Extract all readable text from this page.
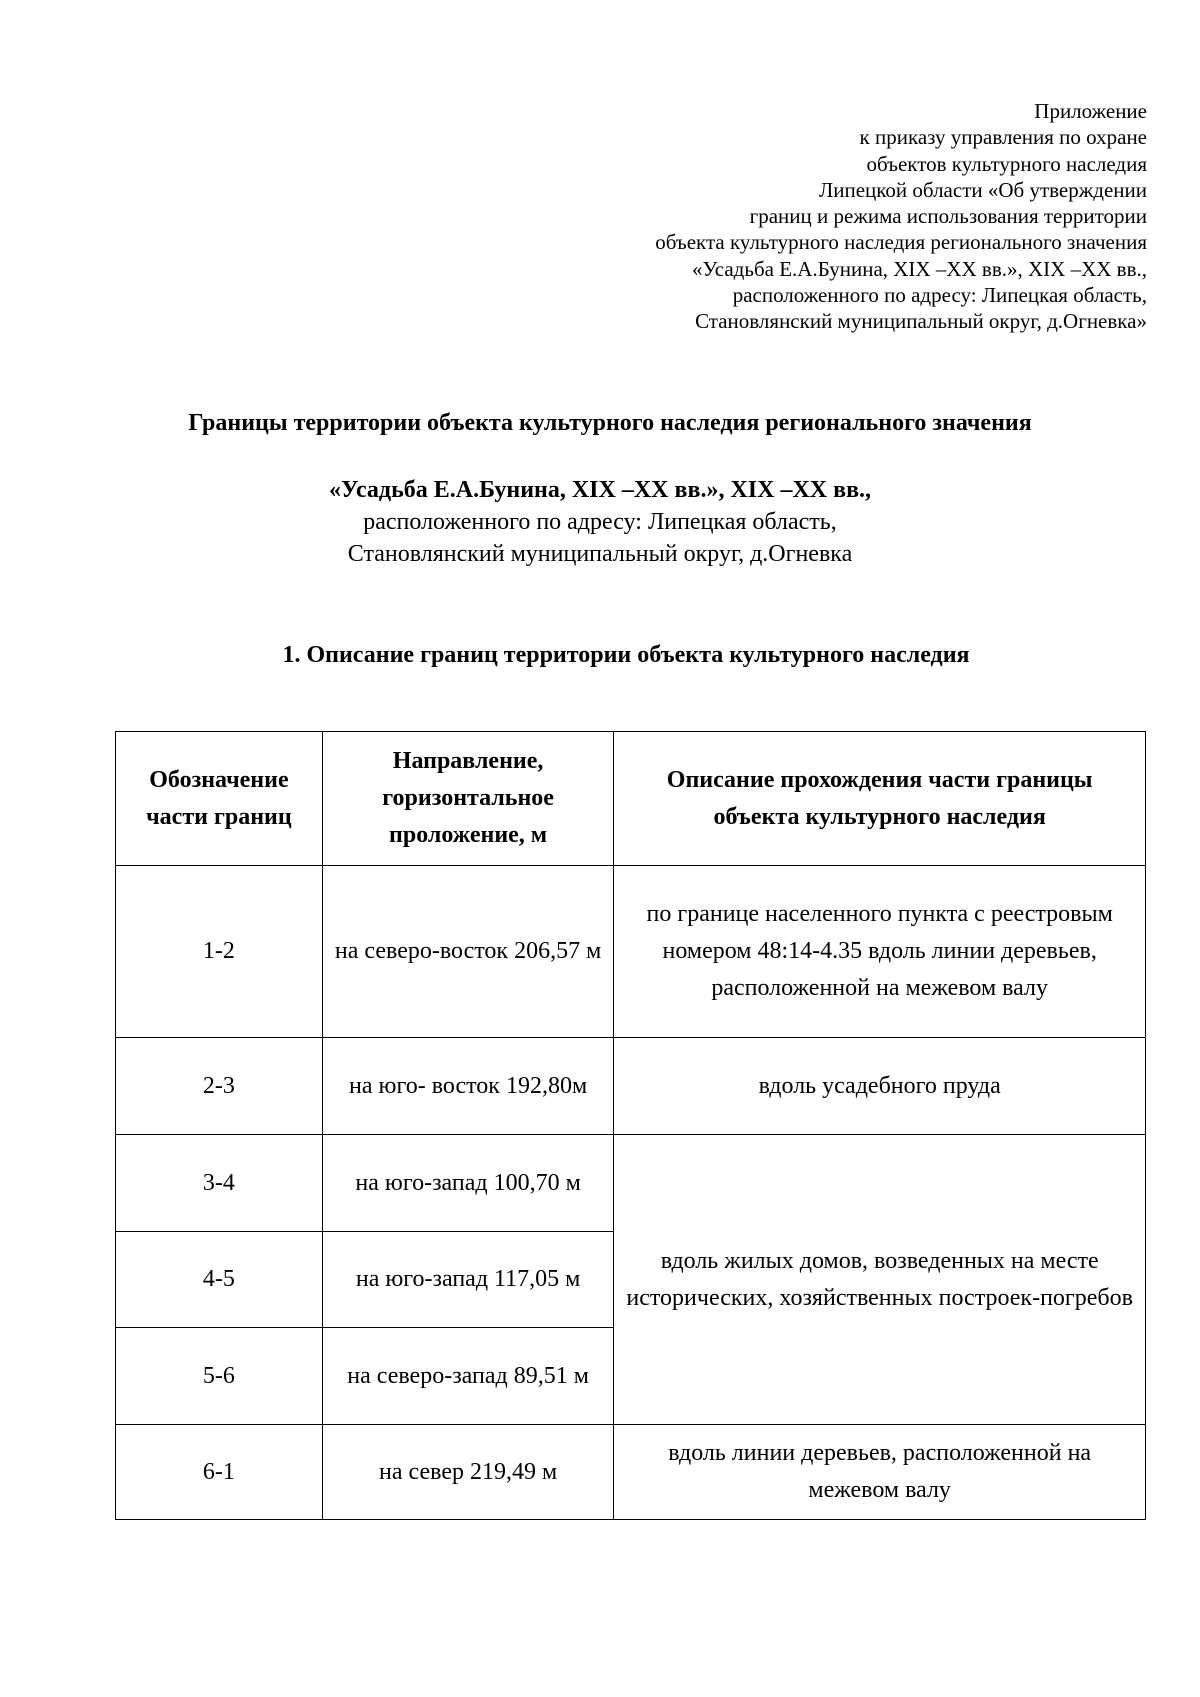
Приложение
к приказу управления по охране
объектов культурного наследия
Липецкой области «Об утверждении
границ и режима использования территории
объекта культурного наследия регионального значения
«Усадьба Е.А.Бунина, XIX –XX вв.», XIX –XX вв.,
расположенного по адресу: Липецкая область,
Становлянский муниципальный округ, д.Огневка»
Границы территории объекта культурного наследия регионального значения
«Усадьба Е.А.Бунина, XIX –XX вв.», XIX –XX вв.,
расположенного по адресу: Липецкая область,
Становлянский муниципальный округ, д.Огневка
1. Описание границ территории объекта культурного наследия
Обозначение части границ	Направление, горизонтальное проложение, м	Описание прохождения части границы объекта культурного наследия
1-2	на северо-восток 206,57 м	по границе населенного пункта с реестровым номером 48:14-4.35 вдоль линии деревьев, расположенной на межевом валу
2-3	на юго- восток 192,80м	вдоль усадебного пруда
3-4	на юго-запад 100,70 м	вдоль жилых домов, возведенных на месте исторических, хозяйственных построек-погребов
4-5	на юго-запад 117,05 м	
5-6	на северо-запад 89,51 м	
6-1	на север 219,49 м	вдоль линии деревьев, расположенной на межевом валу
